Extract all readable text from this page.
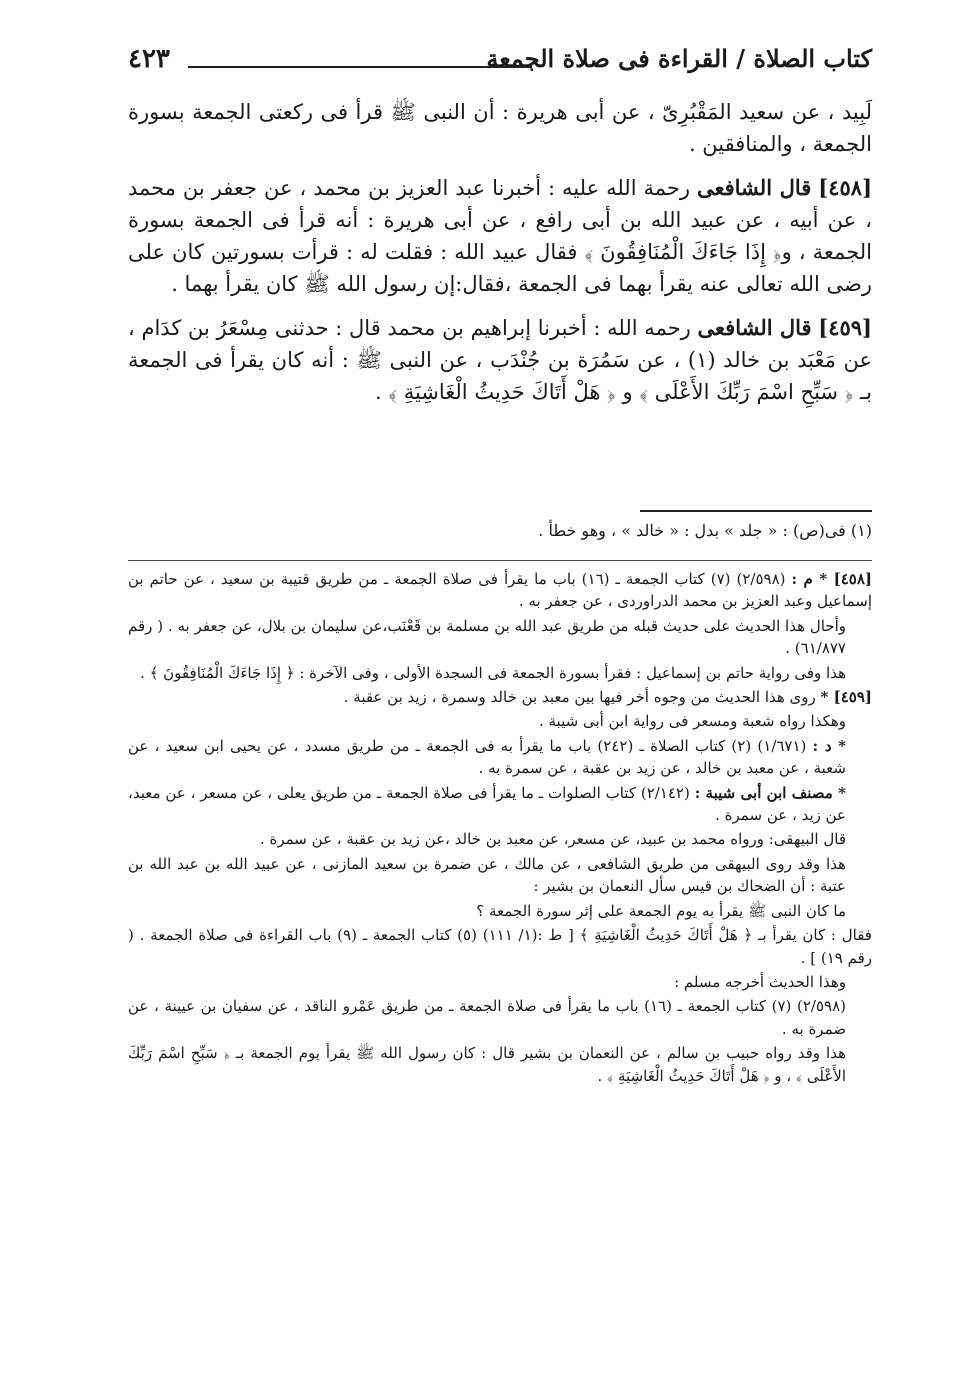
كتاب الصلاة / القراءة فى صلاة الجمعة
٤٢٣

لَبِيد ، عن سعيد المَقْبُرِىّ ، عن أبى هريرة : أن النبى ﷺ قرأ فى ركعتى الجمعة بسورة الجمعة ، والمنافقين .

[٤٥٨] قال الشافعى رحمة الله عليه : أخبرنا عبد العزيز بن محمد ، عن جعفر بن محمد ، عن أبيه ، عن عبيد الله بن أبى رافع ، عن أبى هريرة : أنه قرأ فى الجمعة بسورة الجمعة ، و﴿ إِذَا جَاءَكَ الْمُنَافِقُونَ ﴾ فقال عبيد الله : فقلت له : قرأت بسورتين كان على رضى الله تعالى عنه يقرأ بهما فى الجمعة ،فقال:إن رسول الله ﷺ كان يقرأ بهما .

[٤٥٩] قال الشافعى رحمه الله : أخبرنا إبراهيم بن محمد قال : حدثنى مِسْعَرُ بن كدَام ، عن مَعْبَد بن خالد (١) ، عن سَمُرَة بن جُنْدَب ، عن النبى ﷺ : أنه كان يقرأ فى الجمعة بـ ﴿ سَبِّحِ اسْمَ رَبِّكَ الأَعْلَى ﴾ و ﴿ هَلْ أَتَاكَ حَدِيثُ الْغَاشِيَةِ ﴾ .

(١) فى(ص) : « جلد » بدل : « خالد » ، وهو خطأ .

[٤٥٨] * م : (٢/٥٩٨) (٧) كتاب الجمعة ـ (١٦) باب ما يقرأ فى صلاة الجمعة ـ من طريق قتيبة بن سعيد ، عن حاتم بن إسماعيل وعبد العزيز بن محمد الدراوردى ، عن جعفر به .

وأحال هذا الحديث على حديث قبله من طريق عبد الله بن مسلمة بن قَعْنَب،عن سليمان بن بلال، عن جعفر به . ( رقم ٦١/٨٧٧) .

هذا وفى رواية حاتم بن إسماعيل : فقرأ بسورة الجمعة فى السجدة الأولى ، وفى الآخرة : ﴿ إِذَا جَاءَكَ الْمُنَافِقُونَ ﴾ .

[٤٥٩] * روى هذا الحديث من وجوه أخر فيها بين معبد بن خالد وسمرة ، زيد بن عقبة .

وهكذا رواه شعبة ومسعر فى رواية ابن أبى شيبة .

* د : (١/٦٧١) (٢) كتاب الصلاة ـ (٢٤٢) باب ما يقرأ به فى الجمعة ـ من طريق مسدد ، عن يحيى ابن سعيد ، عن شعبة ، عن معبد بن خالد ، عن زيد بن عقبة ، عن سمرة به .

* مصنف ابن أبى شيبة : (٢/١٤٢) كتاب الصلوات ـ ما يقرأ فى صلاة الجمعة ـ من طريق يعلى ، عن مسعر ، عن معبد، عن زيد ، عن سمرة .

قال البيهقى: ورواه محمد بن عبيد، عن مسعر، عن معبد بن خالد ،عن زيد بن عقبة ، عن سمرة .

هذا وقد روى البيهقى من طريق الشافعى ، عن مالك ، عن ضمرة بن سعيد المازنى ، عن عبيد الله بن عبد الله بن عتبة : أن الضحاك بن قيس سأل النعمان بن بشير :

ما كان النبى ﷺ يقرأ به يوم الجمعة على إثر سورة الجمعة ؟

فقال : كان يقرأ بـ ﴿ هَلْ أَتَاكَ حَدِيثُ الْغَاشِيَةِ ﴾ [ ط :(١/ ١١١) (٥) كتاب الجمعة ـ (٩) باب القراءة فى صلاة الجمعة . ( رقم ١٩) ] .

وهذا الحديث أخرجه مسلم :

(٢/٥٩٨) (٧) كتاب الجمعة ـ (١٦) باب ما يقرأ فى صلاة الجمعة ـ من طريق عَمْرو الناقد ، عن سفيان بن عيينة ، عن ضمرة به .

هذا وقد رواه حبيب بن سالم ، عن النعمان بن بشير قال : كان رسول الله ﷺ يقرأ يوم الجمعة بـ ﴿ سَبِّحِ اسْمَ رَبِّكَ الأَعْلَى ﴾ ، و ﴿ هَلْ أَتَاكَ حَدِيثُ الْغَاشِيَةِ ﴾ .
